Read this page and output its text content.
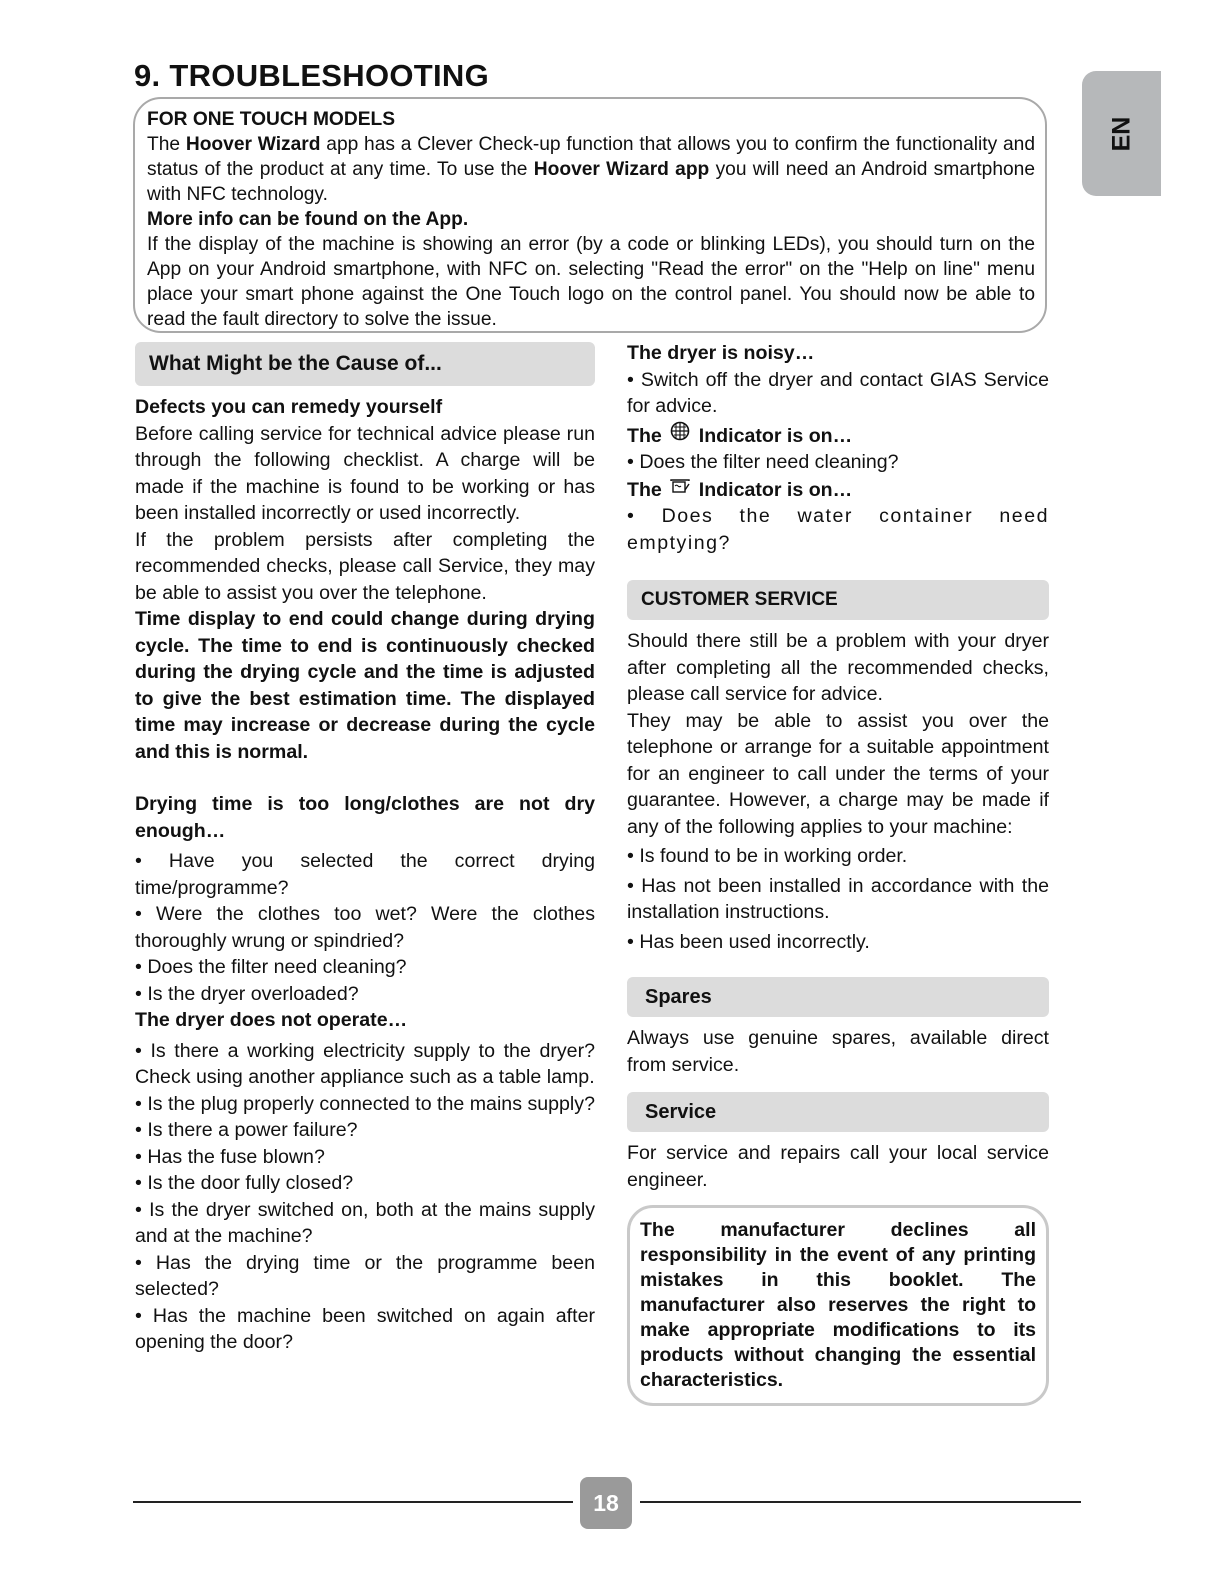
9. TROUBLESHOOTING
EN

FOR ONE TOUCH MODELS

The Hoover Wizard app has a Clever Check-up function that allows you to confirm the functionality and status of the product at any time. To use the Hoover Wizard app you will need an Android smartphone with NFC technology.

More info can be found on the App.

If the display of the machine is showing an error (by a code or blinking LEDs), you should turn on the App on your Android smartphone, with NFC on. selecting "Read the error" on the "Help on line" menu place your smart phone against the One Touch logo on the control panel. You should now be able to read the fault directory to solve the issue.

What Might be the Cause of...

Defects you can remedy yourself

Before calling service for technical advice please run through the following checklist. A charge will be made if the machine is found to be working or has been installed incorrectly or used incorrectly.

If the problem persists after completing the recommended checks, please call Service, they may be able to assist you over the telephone.

Time display to end could change during drying cycle. The time to end is continuously checked during the drying cycle and the time is adjusted to give the best estimation time. The displayed time may increase or decrease during the cycle and this is normal.

Drying time is too long/clothes are not dry enough…

• Have you selected the correct drying time/programme?

• Were the clothes too wet? Were the clothes thoroughly wrung or spindried?

• Does the filter need cleaning?

• Is the dryer overloaded?

The dryer does not operate…

• Is there a working electricity supply to the dryer? Check using another appliance such as a table lamp.

• Is the plug properly connected to the mains supply?

• Is there a power failure?

• Has the fuse blown?

• Is the door fully closed?

• Is the dryer switched on, both at the mains supply and at the machine?

• Has the drying time or the programme been selected?

• Has the machine been switched on again after opening the door?

The dryer is noisy…

• Switch off the dryer and contact GIAS Service for advice.

The Indicator is on…

• Does the filter need cleaning?

The Indicator is on…

• Does the water container need emptying?

CUSTOMER SERVICE

Should there still be a problem with your dryer after completing all the recommended checks, please call service for advice.

They may be able to assist you over the telephone or arrange for a suitable appointment for an engineer to call under the terms of your guarantee. However, a charge may be made if any of the following applies to your machine:

• Is found to be in working order.

• Has not been installed in accordance with the installation instructions.

• Has been used incorrectly.

Spares

Always use genuine spares, available direct from service.

Service

For service and repairs call your local service engineer.

The manufacturer declines all responsibility in the event of any printing mistakes in this booklet. The manufacturer also reserves the right to make appropriate modifications to its products without changing the essential characteristics.

18
